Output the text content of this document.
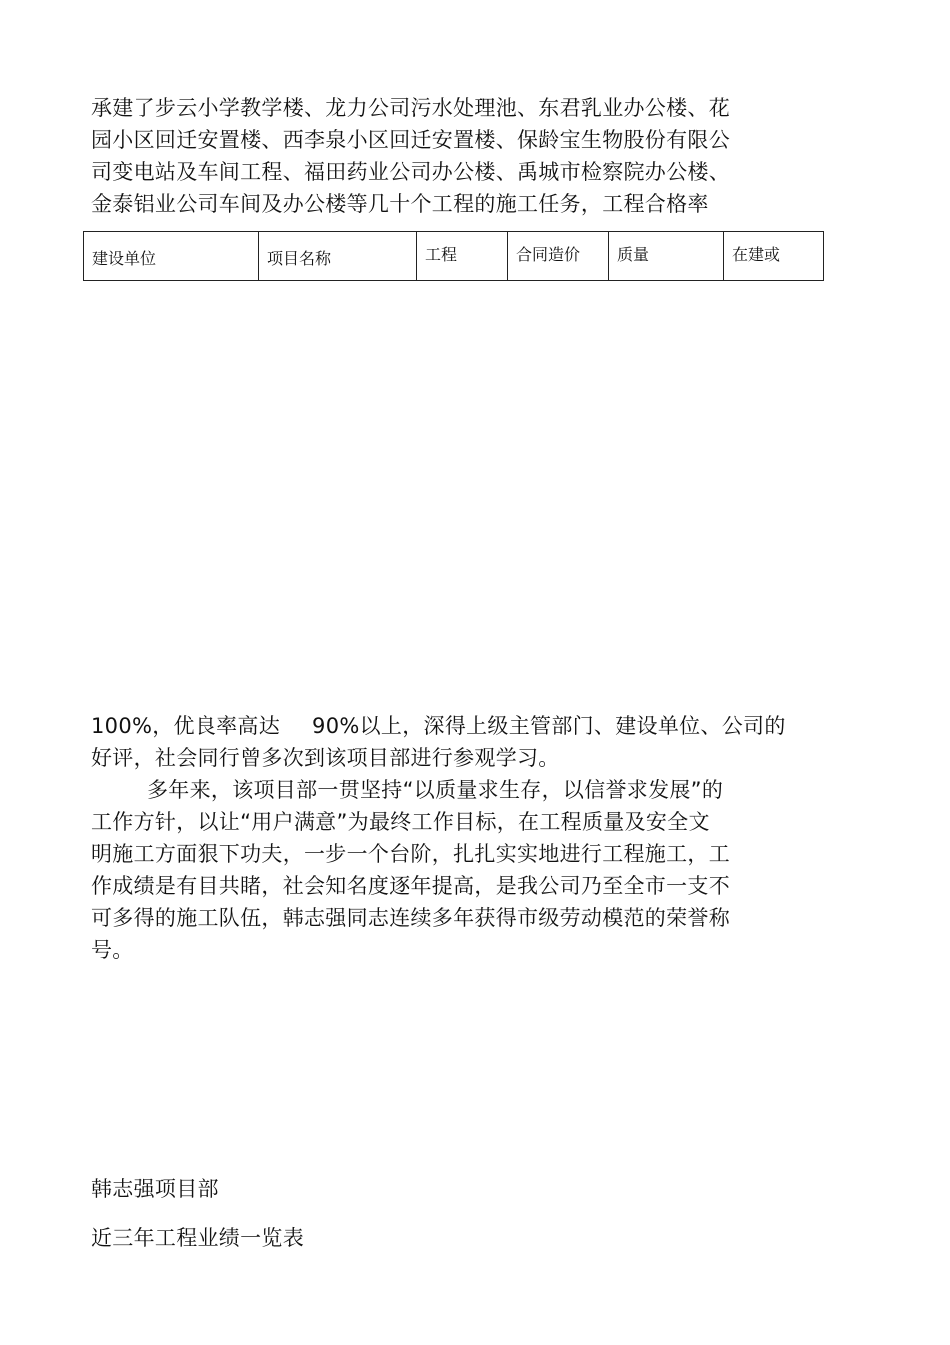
承建了步云小学教学楼、龙力公司污水处理池、东君乳业办公楼、花
园小区回迁安置楼、西李泉小区回迁安置楼、保龄宝生物股份有限公
司变电站及车间工程、福田药业公司办公楼、禹城市检察院办公楼、
金泰铝业公司车间及办公楼等几十个工程的施工任务，工程合格率
建设单位	项目名称	工程	合同造价	质量	在建或
100%，优良率高达 90%以上，深得上级主管部门、建设单位、公司的
好评，社会同行曾多次到该项目部进行参观学习。
多年来，该项目部一贯坚持“以质量求生存，以信誉求发展”的
工作方针，以让“用户满意”为最终工作目标，在工程质量及安全文
明施工方面狠下功夫，一步一个台阶，扎扎实实地进行工程施工，工
作成绩是有目共睹，社会知名度逐年提高，是我公司乃至全市一支不
可多得的施工队伍，韩志强同志连续多年获得市级劳动模范的荣誉称
号。
韩志强项目部
近三年工程业绩一览表
